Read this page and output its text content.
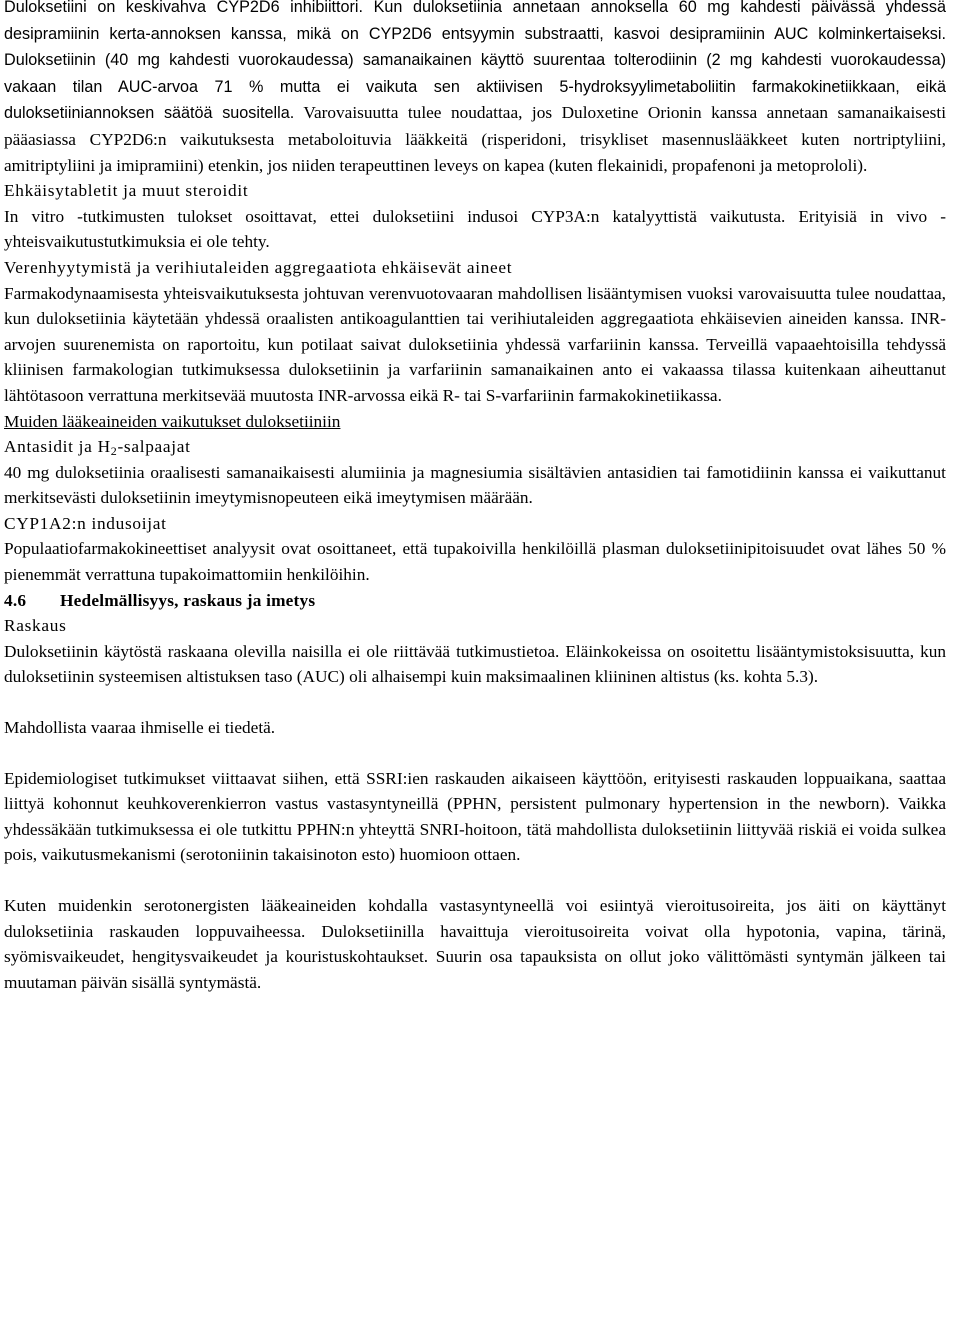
Duloksetiini on keskivahva CYP2D6 inhibiittori. Kun duloksetiinia annetaan annoksella 60 mg kahdesti päivässä yhdessä desipramiinin kerta-annoksen kanssa, mikä on CYP2D6 entsyymin substraatti, kasvoi desipramiinin AUC kolminkertaiseksi. Duloksetiinin (40 mg kahdesti vuorokaudessa) samanaikainen käyttö suurentaa tolterodiinin (2 mg kahdesti vuorokaudessa) vakaan tilan AUC-arvoa 71 % mutta ei vaikuta sen aktiivisen 5-hydroksyylimetaboliitin farmakokinetiikkaan, eikä duloksetiiniannoksen säätöä suositella. Varovaisuutta tulee noudattaa, jos Duloxetine Orionin kanssa annetaan samanaikaisesti pääasiassa CYP2D6:n vaikutuksesta metaboloituvia lääkkeitä (risperidoni, trisykliset masennuslääkkeet kuten nortriptyliini, amitriptyliini ja imipramiini) etenkin, jos niiden terapeuttinen leveys on kapea (kuten flekainidi, propafenoni ja metoprololi).

Ehkäisytabletit ja muut steroidit

In vitro -tutkimusten tulokset osoittavat, ettei duloksetiini indusoi CYP3A:n katalyyttistä vaikutusta. Erityisiä in vivo -yhteisvaikutustutkimuksia ei ole tehty.

Verenhyytymistä ja verihiutaleiden aggregaatiota ehkäisevät aineet

Farmakodynaamisesta yhteisvaikutuksesta johtuvan verenvuotovaaran mahdollisen lisääntymisen vuoksi varovaisuutta tulee noudattaa, kun duloksetiinia käytetään yhdessä oraalisten antikoagulanttien tai verihiutaleiden aggregaatiota ehkäisevien aineiden kanssa. INR-arvojen suurenemista on raportoitu, kun potilaat saivat duloksetiinia yhdessä varfariinin kanssa. Terveillä vapaaehtoisilla tehdyssä kliinisen farmakologian tutkimuksessa duloksetiinin ja varfariinin samanaikainen anto ei vakaassa tilassa kuitenkaan aiheuttanut lähtötasoon verrattuna merkitsevää muutosta INR-arvossa eikä R- tai S-varfariinin farmakokinetiikassa.

Muiden lääkeaineiden vaikutukset duloksetiiniin

Antasidit ja H2-salpaajat

40 mg duloksetiinia oraalisesti samanaikaisesti alumiinia ja magnesiumia sisältävien antasidien tai famotidiinin kanssa ei vaikuttanut merkitsevästi duloksetiinin imeytymisnopeuteen eikä imeytymisen määrään.

CYP1A2:n indusoijat

Populaatiofarmakokineettiset analyysit ovat osoittaneet, että tupakoivilla henkilöillä plasman duloksetiinipitoisuudet ovat lähes 50 % pienemmät verrattuna tupakoimattomiin henkilöihin.

4.6 Hedelmällisyys, raskaus ja imetys

Raskaus

Duloksetiinin käytöstä raskaana olevilla naisilla ei ole riittävää tutkimustietoa. Eläinkokeissa on osoitettu lisääntymistoksisuutta, kun duloksetiinin systeemisen altistuksen taso (AUC) oli alhaisempi kuin maksimaalinen kliininen altistus (ks. kohta 5.3).

Mahdollista vaaraa ihmiselle ei tiedetä.

Epidemiologiset tutkimukset viittaavat siihen, että SSRI:ien raskauden aikaiseen käyttöön, erityisesti raskauden loppuaikana, saattaa liittyä kohonnut keuhkoverenkierron vastus vastasyntyneillä (PPHN, persistent pulmonary hypertension in the newborn). Vaikka yhdessäkään tutkimuksessa ei ole tutkittu PPHN:n yhteyttä SNRI-hoitoon, tätä mahdollista duloksetiinin liittyvää riskiä ei voida sulkea pois, vaikutusmekanismi (serotoniinin takaisinoton esto) huomioon ottaen.

Kuten muidenkin serotonergisten lääkeaineiden kohdalla vastasyntyneellä voi esiintyä vieroitusoireita, jos äiti on käyttänyt duloksetiinia raskauden loppuvaiheessa. Duloksetiinilla havaittuja vieroitusoireita voivat olla hypotonia, vapina, tärinä, syömisvaikeudet, hengitysvaikeudet ja kouristuskohtaukset. Suurin osa tapauksista on ollut joko välittömästi syntymän jälkeen tai muutaman päivän sisällä syntymästä.
